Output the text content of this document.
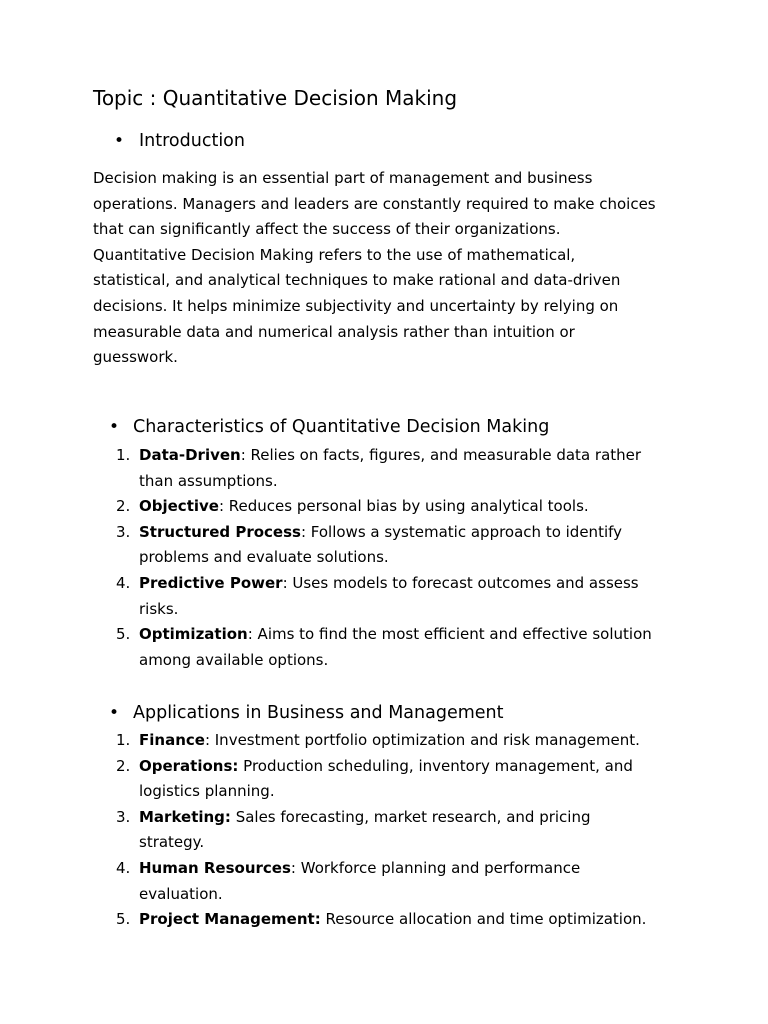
Topic : Quantitative Decision Making
• Introduction
Decision making is an essential part of management and business
operations. Managers and leaders are constantly required to make choices
that can significantly affect the success of their organizations.
Quantitative Decision Making refers to the use of mathematical,
statistical, and analytical techniques to make rational and data-driven
decisions. It helps minimize subjectivity and uncertainty by relying on
measurable data and numerical analysis rather than intuition or
guesswork.
• Characteristics of Quantitative Decision Making
1. Data-Driven: Relies on facts, figures, and measurable data rather
than assumptions.
2. Objective: Reduces personal bias by using analytical tools.
3. Structured Process: Follows a systematic approach to identify
problems and evaluate solutions.
4. Predictive Power: Uses models to forecast outcomes and assess
risks.
5. Optimization: Aims to find the most efficient and effective solution
among available options.
• Applications in Business and Management
1. Finance: Investment portfolio optimization and risk management.
2. Operations: Production scheduling, inventory management, and
logistics planning.
3. Marketing: Sales forecasting, market research, and pricing
strategy.
4. Human Resources: Workforce planning and performance
evaluation.
5. Project Management: Resource allocation and time optimization.
